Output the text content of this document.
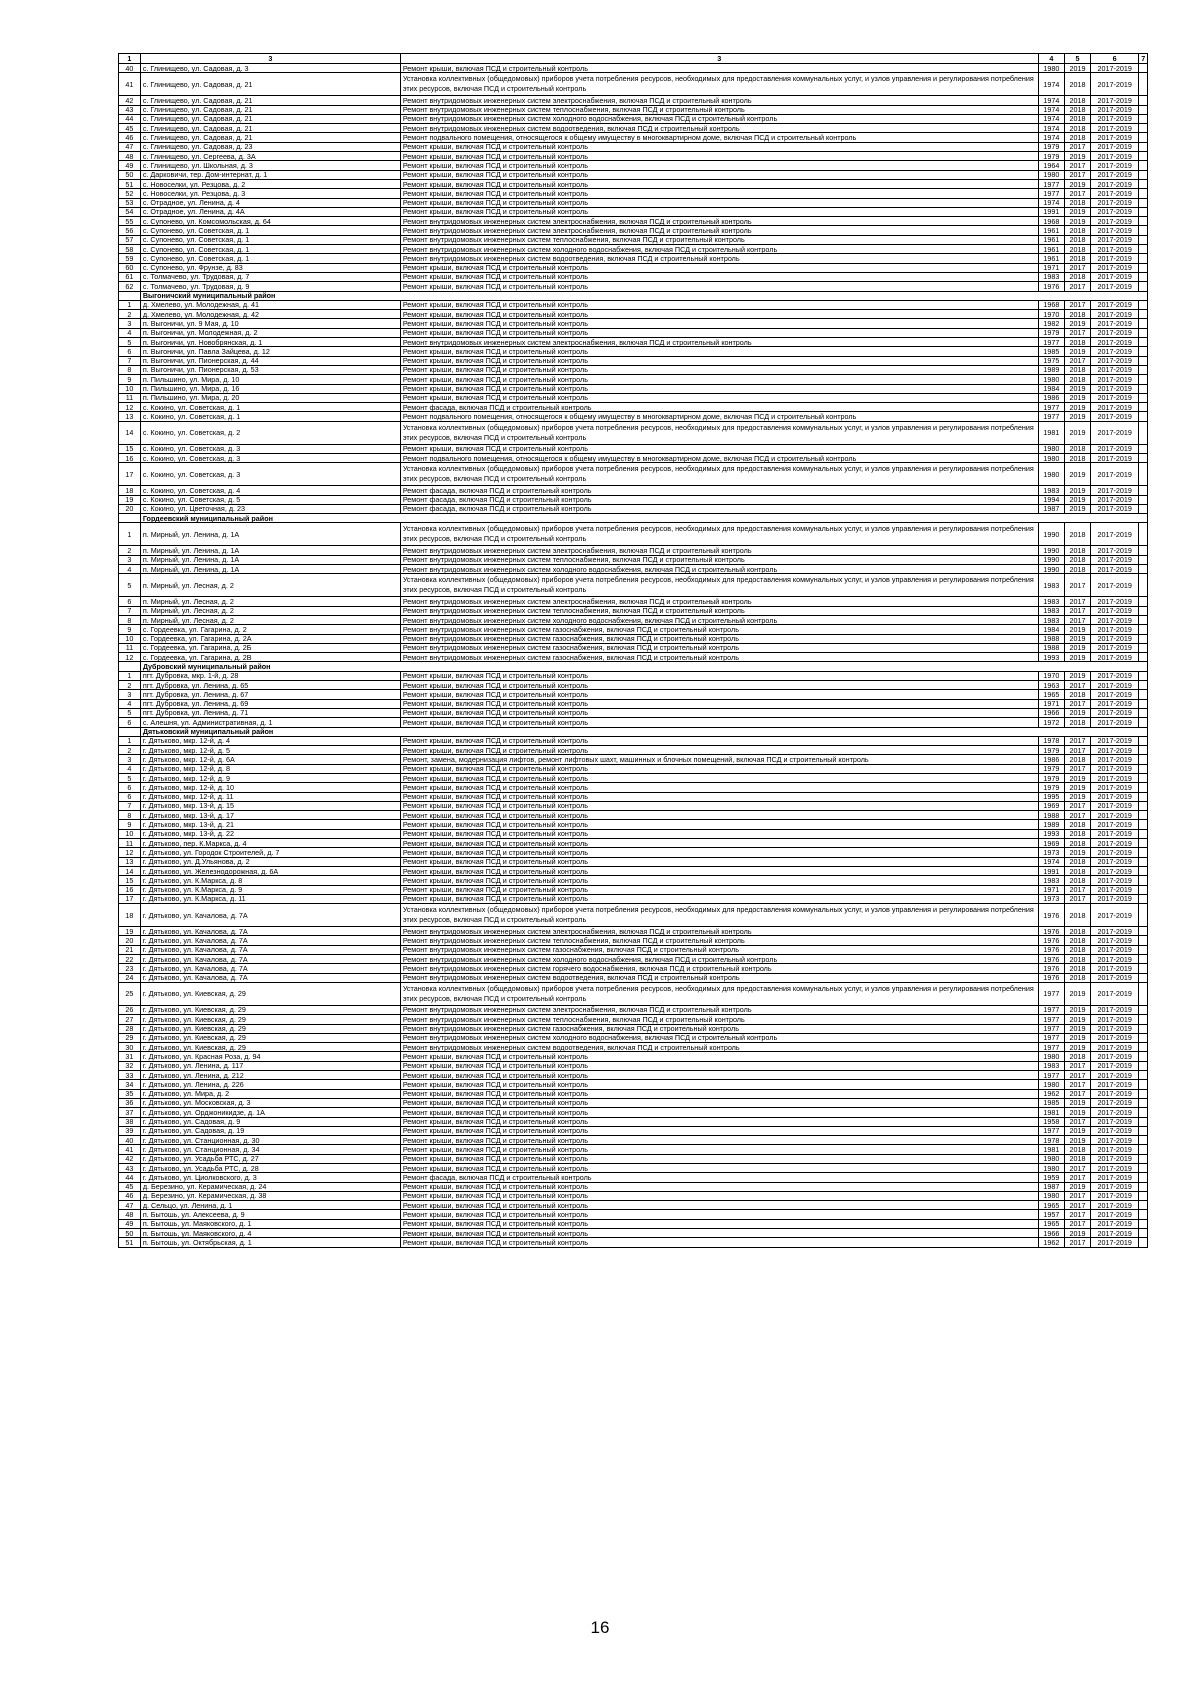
1	3	3	4	5	6	7
40	с. Глинищево, ул. Садовая, д. 3	Ремонт крыши, включая ПСД и строительный контроль	1980	2019	2017-2019	
41	с. Глинищево, ул. Садовая, д. 21	Установка коллективных (общедомовых) приборов учета потребления ресурсов, необходимых для предоставления коммунальных услуг, и узлов управления и регулирования потребления этих ресурсов, включая ПСД и строительный контроль	1974	2018	2017-2019	
42	с. Глинищево, ул. Садовая, д. 21	Ремонт внутридомовых инженерных систем электроснабжения, включая ПСД и строительный контроль	1974	2018	2017-2019	
43	с. Глинищево, ул. Садовая, д. 21	Ремонт внутридомовых инженерных систем теплоснабжения, включая ПСД и строительный контроль	1974	2018	2017-2019	
44	с. Глинищево, ул. Садовая, д. 21	Ремонт внутридомовых инженерных систем холодного водоснабжения, включая ПСД и строительный контроль	1974	2018	2017-2019	
45	с. Глинищево, ул. Садовая, д. 21	Ремонт внутридомовых инженерных систем водоотведения, включая ПСД и строительный контроль	1974	2018	2017-2019	
46	с. Глинищево, ул. Садовая, д. 21	Ремонт подвального помещения, относящегося к общему имуществу в многоквартирном доме, включая ПСД и строительный контроль	1974	2018	2017-2019	
47	с. Глинищево, ул. Садовая, д. 23	Ремонт крыши, включая ПСД и строительный контроль	1979	2017	2017-2019	
48	с. Глинищево, ул. Сергеева, д. 3А	Ремонт крыши, включая ПСД и строительный контроль	1979	2019	2017-2019	
49	с. Глинищево, ул. Школьная, д. 3	Ремонт крыши, включая ПСД и строительный контроль	1964	2017	2017-2019	
50	с. Дарковичи, тер. Дом-интернат, д. 1	Ремонт крыши, включая ПСД и строительный контроль	1980	2017	2017-2019	
51	с. Новоселки, ул. Резцова, д. 2	Ремонт крыши, включая ПСД и строительный контроль	1977	2019	2017-2019	
52	с. Новоселки, ул. Резцова, д. 3	Ремонт крыши, включая ПСД и строительный контроль	1977	2017	2017-2019	
53	с. Отрадное, ул. Ленина, д. 4	Ремонт крыши, включая ПСД и строительный контроль	1974	2018	2017-2019	
54	с. Отрадное, ул. Ленина, д. 4А	Ремонт крыши, включая ПСД и строительный контроль	1991	2019	2017-2019	
55	с. Супонево, ул. Комсомольская, д. 64	Ремонт внутридомовых инженерных систем электроснабжения, включая ПСД и строительный контроль	1968	2019	2017-2019	
56	с. Супонево, ул. Советская, д. 1	Ремонт внутридомовых инженерных систем электроснабжения, включая ПСД и строительный контроль	1961	2018	2017-2019	
57	с. Супонево, ул. Советская, д. 1	Ремонт внутридомовых инженерных систем теплоснабжения, включая ПСД и строительный контроль	1961	2018	2017-2019	
58	с. Супонево, ул. Советская, д. 1	Ремонт внутридомовых инженерных систем холодного водоснабжения, включая ПСД и строительный контроль	1961	2018	2017-2019	
59	с. Супонево, ул. Советская, д. 1	Ремонт внутридомовых инженерных систем водоотведения, включая ПСД и строительный контроль	1961	2018	2017-2019	
60	с. Супонево, ул. Фрунзе, д. 83	Ремонт крыши, включая ПСД и строительный контроль	1971	2017	2017-2019	
61	с. Толмачево, ул. Трудовая, д. 7	Ремонт крыши, включая ПСД и строительный контроль	1983	2018	2017-2019	
62	с. Толмачево, ул. Трудовая, д. 9	Ремонт крыши, включая ПСД и строительный контроль	1976	2017	2017-2019	
	Выгоничский муниципальный район					
1	д. Хмелево, ул. Молодежная, д. 41	Ремонт крыши, включая ПСД и строительный контроль	1968	2017	2017-2019	
2	д. Хмелево, ул. Молодежная, д. 42	Ремонт крыши, включая ПСД и строительный контроль	1970	2018	2017-2019	
3	п. Выгоничи, ул. 9 Мая, д. 10	Ремонт крыши, включая ПСД и строительный контроль	1982	2019	2017-2019	
4	п. Выгоничи, ул. Молодежная, д. 2	Ремонт крыши, включая ПСД и строительный контроль	1979	2017	2017-2019	
5	п. Выгоничи, ул. Новобрянская, д. 1	Ремонт внутридомовых инженерных систем электроснабжения, включая ПСД и строительный контроль	1977	2018	2017-2019	
6	п. Выгоничи, ул. Павла Зайцева, д. 12	Ремонт крыши, включая ПСД и строительный контроль	1985	2019	2017-2019	
7	п. Выгоничи, ул. Пионерская, д. 44	Ремонт крыши, включая ПСД и строительный контроль	1975	2017	2017-2019	
8	п. Выгоничи, ул. Пионерская, д. 53	Ремонт крыши, включая ПСД и строительный контроль	1989	2018	2017-2019	
9	п. Пильшино, ул. Мира, д. 10	Ремонт крыши, включая ПСД и строительный контроль	1980	2018	2017-2019	
10	п. Пильшино, ул. Мира, д. 16	Ремонт крыши, включая ПСД и строительный контроль	1984	2019	2017-2019	
11	п. Пильшино, ул. Мира, д. 20	Ремонт крыши, включая ПСД и строительный контроль	1986	2019	2017-2019	
12	с. Кокино, ул. Советская, д. 1	Ремонт фасада, включая ПСД и строительный контроль	1977	2019	2017-2019	
13	с. Кокино, ул. Советская, д. 1	Ремонт подвального помещения, относящегося к общему имуществу в многоквартирном доме, включая ПСД и строительный контроль	1977	2019	2017-2019	
14	с. Кокино, ул. Советская, д. 2	Установка коллективных (общедомовых) приборов учета потребления ресурсов, необходимых для предоставления коммунальных услуг, и узлов управления и регулирования потребления этих ресурсов, включая ПСД и строительный контроль	1981	2019	2017-2019	
15	с. Кокино, ул. Советская, д. 3	Ремонт крыши, включая ПСД и строительный контроль	1980	2018	2017-2019	
16	с. Кокино, ул. Советская, д. 3	Ремонт подвального помещения, относящегося к общему имуществу в многоквартирном доме, включая ПСД и строительный контроль	1980	2018	2017-2019	
17	с. Кокино, ул. Советская, д. 3	Установка коллективных (общедомовых) приборов учета потребления ресурсов, необходимых для предоставления коммунальных услуг, и узлов управления и регулирования потребления этих ресурсов, включая ПСД и строительный контроль	1980	2019	2017-2019	
18	с. Кокино, ул. Советская, д. 4	Ремонт фасада, включая ПСД и строительный контроль	1983	2019	2017-2019	
19	с. Кокино, ул. Советская, д. 5	Ремонт фасада, включая ПСД и строительный контроль	1994	2019	2017-2019	
20	с. Кокино, ул. Цветочная, д. 23	Ремонт фасада, включая ПСД и строительный контроль	1987	2019	2017-2019	
	Гордеевский муниципальный район					
1	п. Мирный, ул. Ленина, д. 1А	Установка коллективных (общедомовых) приборов учета потребления ресурсов, необходимых для предоставления коммунальных услуг, и узлов управления и регулирования потребления этих ресурсов, включая ПСД и строительный контроль	1990	2018	2017-2019	
2	п. Мирный, ул. Ленина, д. 1А	Ремонт внутридомовых инженерных систем электроснабжения, включая ПСД и строительный контроль	1990	2018	2017-2019	
3	п. Мирный, ул. Ленина, д. 1А	Ремонт внутридомовых инженерных систем теплоснабжения, включая ПСД и строительный контроль	1990	2018	2017-2019	
4	п. Мирный, ул. Ленина, д. 1А	Ремонт внутридомовых инженерных систем холодного водоснабжения, включая ПСД и строительный контроль	1990	2018	2017-2019	
5	п. Мирный, ул. Лесная, д. 2	Установка коллективных (общедомовых) приборов учета потребления ресурсов, необходимых для предоставления коммунальных услуг, и узлов управления и регулирования потребления этих ресурсов, включая ПСД и строительный контроль	1983	2017	2017-2019	
6	п. Мирный, ул. Лесная, д. 2	Ремонт внутридомовых инженерных систем электроснабжения, включая ПСД и строительный контроль	1983	2017	2017-2019	
7	п. Мирный, ул. Лесная, д. 2	Ремонт внутридомовых инженерных систем теплоснабжения, включая ПСД и строительный контроль	1983	2017	2017-2019	
8	п. Мирный, ул. Лесная, д. 2	Ремонт внутридомовых инженерных систем холодного водоснабжения, включая ПСД и строительный контроль	1983	2017	2017-2019	
9	с. Гордеевка, ул. Гагарина, д. 2	Ремонт внутридомовых инженерных систем газоснабжения, включая ПСД и строительный контроль	1984	2019	2017-2019	
10	с. Гордеевка, ул. Гагарина, д. 2А	Ремонт внутридомовых инженерных систем газоснабжения, включая ПСД и строительный контроль	1988	2019	2017-2019	
11	с. Гордеевка, ул. Гагарина, д. 2Б	Ремонт внутридомовых инженерных систем газоснабжения, включая ПСД и строительный контроль	1988	2019	2017-2019	
12	с. Гордеевка, ул. Гагарина, д. 2В	Ремонт внутридомовых инженерных систем газоснабжения, включая ПСД и строительный контроль	1993	2019	2017-2019	
	Дубровский муниципальный район					
1	пгт. Дубровка, мкр. 1-й, д. 28	Ремонт крыши, включая ПСД и строительный контроль	1970	2019	2017-2019	
2	пгт. Дубровка, ул. Ленина, д. 65	Ремонт крыши, включая ПСД и строительный контроль	1963	2017	2017-2019	
3	пгт. Дубровка, ул. Ленина, д. 67	Ремонт крыши, включая ПСД и строительный контроль	1965	2018	2017-2019	
4	пгт. Дубровка, ул. Ленина, д. 69	Ремонт крыши, включая ПСД и строительный контроль	1971	2017	2017-2019	
5	пгт. Дубровка, ул. Ленина, д. 71	Ремонт крыши, включая ПСД и строительный контроль	1966	2019	2017-2019	
6	с. Алешня, ул. Административная, д. 1	Ремонт крыши, включая ПСД и строительный контроль	1972	2018	2017-2019	
	Дятьковский муниципальный район					
1	г. Дятьково, мкр. 12-й, д. 4	Ремонт крыши, включая ПСД и строительный контроль	1978	2017	2017-2019	
2	г. Дятьково, мкр. 12-й, д. 5	Ремонт крыши, включая ПСД и строительный контроль	1979	2017	2017-2019	
3	г. Дятьково, мкр. 12-й, д. 6А	Ремонт, замена, модернизация лифтов, ремонт лифтовых шахт, машинных и блочных помещений, включая ПСД и строительный контроль	1986	2018	2017-2019	
4	г. Дятьково, мкр. 12-й, д. 8	Ремонт крыши, включая ПСД и строительный контроль	1979	2017	2017-2019	
5	г. Дятьково, мкр. 12-й, д. 9	Ремонт крыши, включая ПСД и строительный контроль	1979	2019	2017-2019	
6	г. Дятьково, мкр. 12-й, д. 10	Ремонт крыши, включая ПСД и строительный контроль	1979	2019	2017-2019	
6	г. Дятьково, мкр. 12-й, д. 11	Ремонт крыши, включая ПСД и строительный контроль	1995	2019	2017-2019	
7	г. Дятьково, мкр. 13-й, д. 15	Ремонт крыши, включая ПСД и строительный контроль	1969	2017	2017-2019	
8	г. Дятьково, мкр. 13-й, д. 17	Ремонт крыши, включая ПСД и строительный контроль	1988	2017	2017-2019	
9	г. Дятьково, мкр. 13-й, д. 21	Ремонт крыши, включая ПСД и строительный контроль	1989	2018	2017-2019	
10	г. Дятьково, мкр. 13-й, д. 22	Ремонт крыши, включая ПСД и строительный контроль	1993	2018	2017-2019	
11	г. Дятьково, пер. К.Маркса, д. 4	Ремонт крыши, включая ПСД и строительный контроль	1969	2018	2017-2019	
12	г. Дятьково, ул. Городок Строителей, д. 7	Ремонт крыши, включая ПСД и строительный контроль	1973	2019	2017-2019	
13	г. Дятьково, ул. Д.Ульянова, д. 2	Ремонт крыши, включая ПСД и строительный контроль	1974	2018	2017-2019	
14	г. Дятьково, ул. Железнодорожная, д. 6А	Ремонт крыши, включая ПСД и строительный контроль	1991	2018	2017-2019	
15	г. Дятьково, ул. К.Маркса, д. 8	Ремонт крыши, включая ПСД и строительный контроль	1983	2018	2017-2019	
16	г. Дятьково, ул. К.Маркса, д. 9	Ремонт крыши, включая ПСД и строительный контроль	1971	2017	2017-2019	
17	г. Дятьково, ул. К.Маркса, д. 11	Ремонт крыши, включая ПСД и строительный контроль	1973	2017	2017-2019	
18	г. Дятьково, ул. Качалова, д. 7А	Установка коллективных (общедомовых) приборов учета потребления ресурсов, необходимых для предоставления коммунальных услуг, и узлов управления и регулирования потребления этих ресурсов, включая ПСД и строительный контроль	1976	2018	2017-2019	
19	г. Дятьково, ул. Качалова, д. 7А	Ремонт внутридомовых инженерных систем электроснабжения, включая ПСД и строительный контроль	1976	2018	2017-2019	
20	г. Дятьково, ул. Качалова, д. 7А	Ремонт внутридомовых инженерных систем теплоснабжения, включая ПСД и строительный контроль	1976	2018	2017-2019	
21	г. Дятьково, ул. Качалова, д. 7А	Ремонт внутридомовых инженерных систем газоснабжения, включая ПСД и строительный контроль	1976	2018	2017-2019	
22	г. Дятьково, ул. Качалова, д. 7А	Ремонт внутридомовых инженерных систем холодного водоснабжения, включая ПСД и строительный контроль	1976	2018	2017-2019	
23	г. Дятьково, ул. Качалова, д. 7А	Ремонт внутридомовых инженерных систем горячего водоснабжения, включая ПСД и строительный контроль	1976	2018	2017-2019	
24	г. Дятьково, ул. Качалова, д. 7А	Ремонт внутридомовых инженерных систем водоотведения, включая ПСД и строительный контроль	1976	2018	2017-2019	
25	г. Дятьково, ул. Киевская, д. 29	Установка коллективных (общедомовых) приборов учета потребления ресурсов, необходимых для предоставления коммунальных услуг, и узлов управления и регулирования потребления этих ресурсов, включая ПСД и строительный контроль	1977	2019	2017-2019	
26	г. Дятьково, ул. Киевская, д. 29	Ремонт внутридомовых инженерных систем электроснабжения, включая ПСД и строительный контроль	1977	2019	2017-2019	
27	г. Дятьково, ул. Киевская, д. 29	Ремонт внутридомовых инженерных систем теплоснабжения, включая ПСД и строительный контроль	1977	2019	2017-2019	
28	г. Дятьково, ул. Киевская, д. 29	Ремонт внутридомовых инженерных систем газоснабжения, включая ПСД и строительный контроль	1977	2019	2017-2019	
29	г. Дятьково, ул. Киевская, д. 29	Ремонт внутридомовых инженерных систем холодного водоснабжения, включая ПСД и строительный контроль	1977	2019	2017-2019	
30	г. Дятьково, ул. Киевская, д. 29	Ремонт внутридомовых инженерных систем водоотведения, включая ПСД и строительный контроль	1977	2019	2017-2019	
31	г. Дятьково, ул. Красная Роза, д. 94	Ремонт крыши, включая ПСД и строительный контроль	1980	2018	2017-2019	
32	г. Дятьково, ул. Ленина, д. 117	Ремонт крыши, включая ПСД и строительный контроль	1983	2017	2017-2019	
33	г. Дятьково, ул. Ленина, д. 212	Ремонт крыши, включая ПСД и строительный контроль	1977	2017	2017-2019	
34	г. Дятьково, ул. Ленина, д. 226	Ремонт крыши, включая ПСД и строительный контроль	1980	2017	2017-2019	
35	г. Дятьково, ул. Мира, д. 2	Ремонт крыши, включая ПСД и строительный контроль	1962	2017	2017-2019	
36	г. Дятьково, ул. Московская, д. 3	Ремонт крыши, включая ПСД и строительный контроль	1985	2019	2017-2019	
37	г. Дятьково, ул. Орджоникидзе, д. 1А	Ремонт крыши, включая ПСД и строительный контроль	1981	2019	2017-2019	
38	г. Дятьково, ул. Садовая, д. 9	Ремонт крыши, включая ПСД и строительный контроль	1958	2017	2017-2019	
39	г. Дятьково, ул. Садовая, д. 19	Ремонт крыши, включая ПСД и строительный контроль	1977	2019	2017-2019	
40	г. Дятьково, ул. Станционная, д. 30	Ремонт крыши, включая ПСД и строительный контроль	1978	2019	2017-2019	
41	г. Дятьково, ул. Станционная, д. 34	Ремонт крыши, включая ПСД и строительный контроль	1981	2018	2017-2019	
42	г. Дятьково, ул. Усадьба РТС, д. 27	Ремонт крыши, включая ПСД и строительный контроль	1980	2018	2017-2019	
43	г. Дятьково, ул. Усадьба РТС, д. 28	Ремонт крыши, включая ПСД и строительный контроль	1980	2017	2017-2019	
44	г. Дятьково, ул. Циолковского, д. 3	Ремонт фасада, включая ПСД и строительный контроль	1959	2017	2017-2019	
45	д. Березино, ул. Керамическая, д. 24	Ремонт крыши, включая ПСД и строительный контроль	1987	2019	2017-2019	
46	д. Березино, ул. Керамическая, д. 38	Ремонт крыши, включая ПСД и строительный контроль	1980	2017	2017-2019	
47	д. Сельцо, ул. Ленина, д. 1	Ремонт крыши, включая ПСД и строительный контроль	1965	2017	2017-2019	
48	п. Бытошь, ул. Алексеева, д. 9	Ремонт крыши, включая ПСД и строительный контроль	1957	2017	2017-2019	
49	п. Бытошь, ул. Маяковского, д. 1	Ремонт крыши, включая ПСД и строительный контроль	1965	2017	2017-2019	
50	п. Бытошь, ул. Маяковского, д. 4	Ремонт крыши, включая ПСД и строительный контроль	1966	2019	2017-2019	
51	п. Бытошь, ул. Октябрьская, д. 1	Ремонт крыши, включая ПСД и строительный контроль	1962	2017	2017-2019	
16
